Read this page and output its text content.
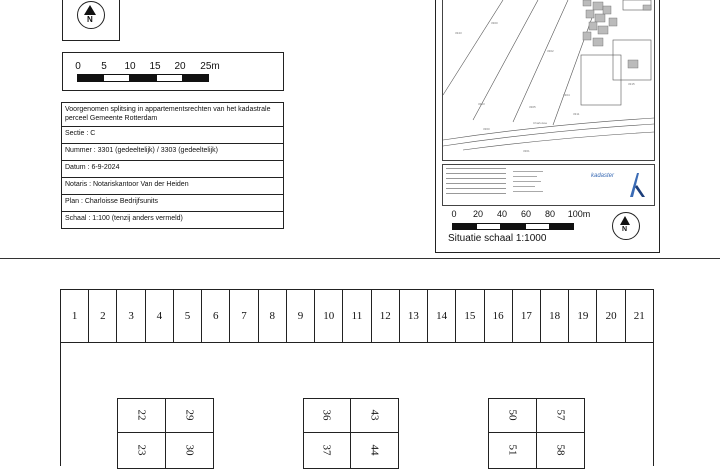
N
0 5 10 15 20 25m
Voorgenomen splitsing in appartementsrechten van het kadastrale perceel Gemeente Rotterdam
Sectie : C
Nummer : 3301 (gedeeltelijk) / 3303 (gedeeltelijk)
Datum : 6-9-2024
Notaris : Notariskantoor Van der Heiden
Plan : Charloisse Bedrijfsunits
Schaal : 1:100 (tenzij anders vermeld)
3343
3300
3302
3303
3304
3305
3360
3311
3361
Charloisse
3315
kadaster
0 20 40 60 80 100m
Situatie schaal 1:1000
N
1	2	3	4	5	6	7	8	9	10	11	12	13	14	15	16	17	18	19	20	21
22	29
23	30
36	43
37	44
50	57
51	58
